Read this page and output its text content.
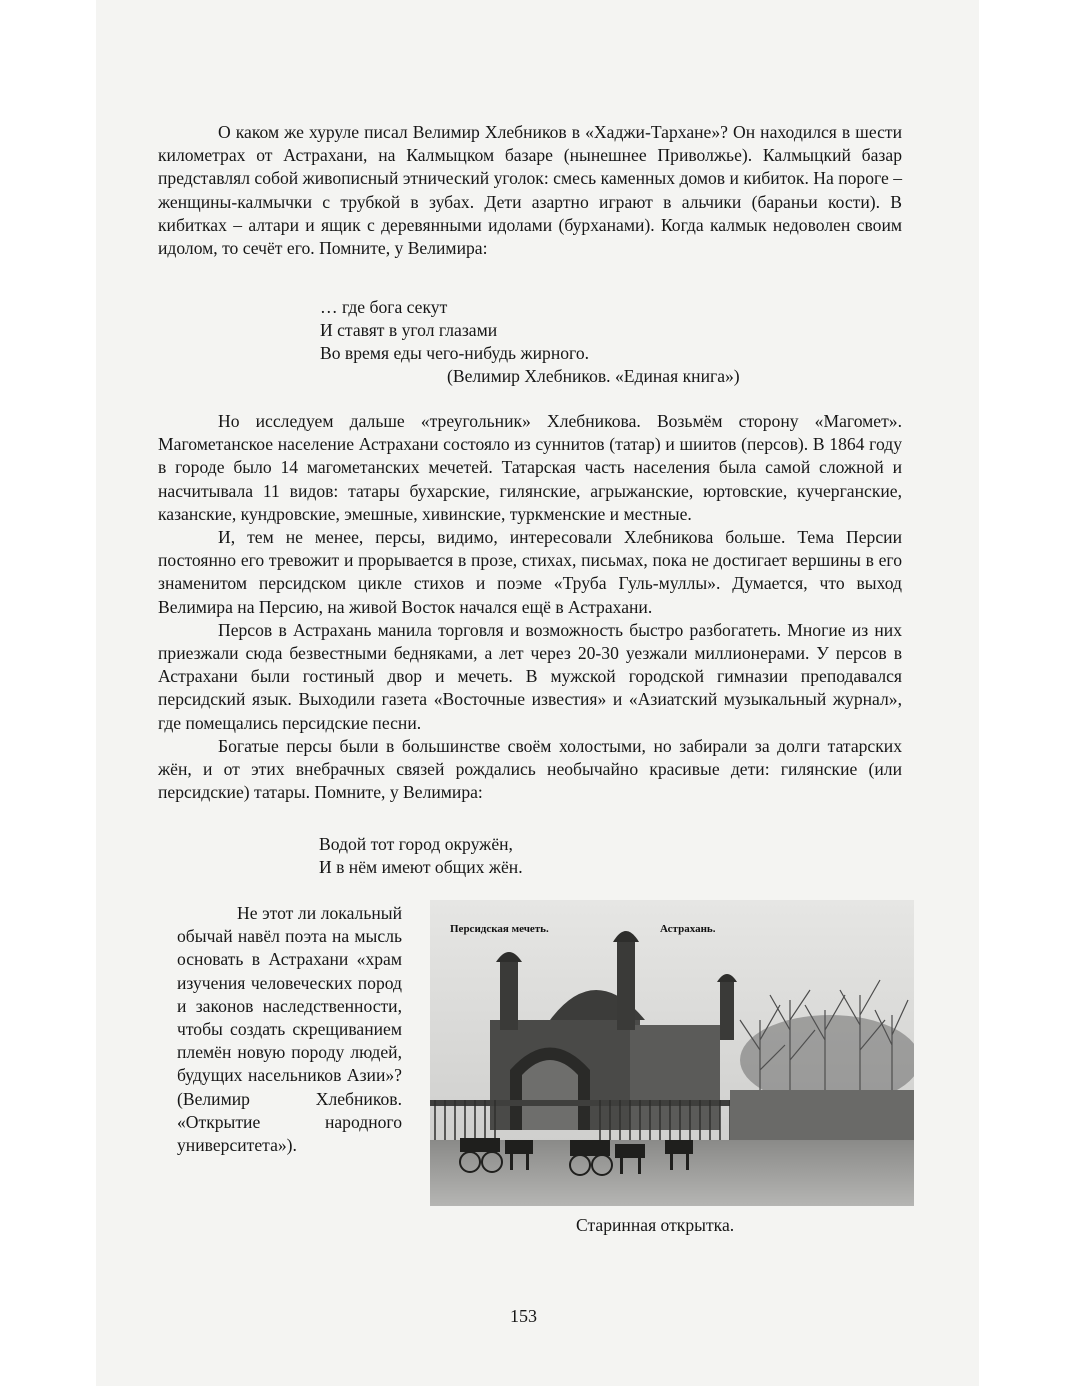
О каком же хуруле писал Велимир Хлебников в «Хаджи-Тархане»? Он находился в шести километрах от Астрахани, на Калмыцком базаре (нынешнее Приволжье). Калмыцкий базар представлял собой живописный этнический уголок: смесь каменных домов и кибиток. На пороге – женщины-калмычки с трубкой в зубах. Дети азартно играют в альчики (бараньи кости). В кибитках – алтари и ящик с деревянными идолами (бурханами). Когда калмык недоволен своим идолом, то сечёт его. Помните, у Велимира:

… где бога секут
И ставят в угол глазами
Во время еды чего-нибудь жирного.
(Велимир Хлебников. «Единая книга»)

Но исследуем дальше «треугольник» Хлебникова. Возьмём сторону «Магомет». Магометанское население Астрахани состояло из суннитов (татар) и шиитов (персов). В 1864 году в городе было 14 магометанских мечетей. Татарская часть населения была самой сложной и насчитывала 11 видов: татары бухарские, гилянские, агрыжанские, юртовские, кучерганские, казанские, кундровские, эмешные, хивинские, туркменские и местные.

И, тем не менее, персы, видимо, интересовали Хлебникова больше. Тема Персии постоянно его тревожит и прорывается в прозе, стихах, письмах, пока не достигает вершины в его знаменитом персидском цикле стихов и поэме «Труба Гуль-муллы». Думается, что выход Велимира на Персию, на живой Восток начался ещё в Астрахани.

Персов в Астрахань манила торговля и возможность быстро разбогатеть. Многие из них приезжали сюда безвестными бедняками, а лет через 20-30 уезжали миллионерами. У персов в Астрахани были гостиный двор и мечеть. В мужской городской гимназии преподавался персидский язык. Выходили газета «Восточные известия» и «Азиатский музыкальный журнал», где помещались персидские песни.

Богатые персы были в большинстве своём холостыми, но забирали за долги татарских жён, и от этих внебрачных связей рождались необычайно красивые дети: гилянские (или персидские) татары. Помните, у Велимира:

Водой тот город окружён,
И в нём имеют общих жён.

Не этот ли локальный обычай навёл поэта на мысль основать в Астрахани «храм изучения человеческих пород и законов наследственности, чтобы создать скрещиванием племён новую породу людей, будущих насельников Азии»? (Велимир Хлебников. «Открытие народного университета»).

Персидская мечеть.	Астрахань.
Старинная открытка.
153
